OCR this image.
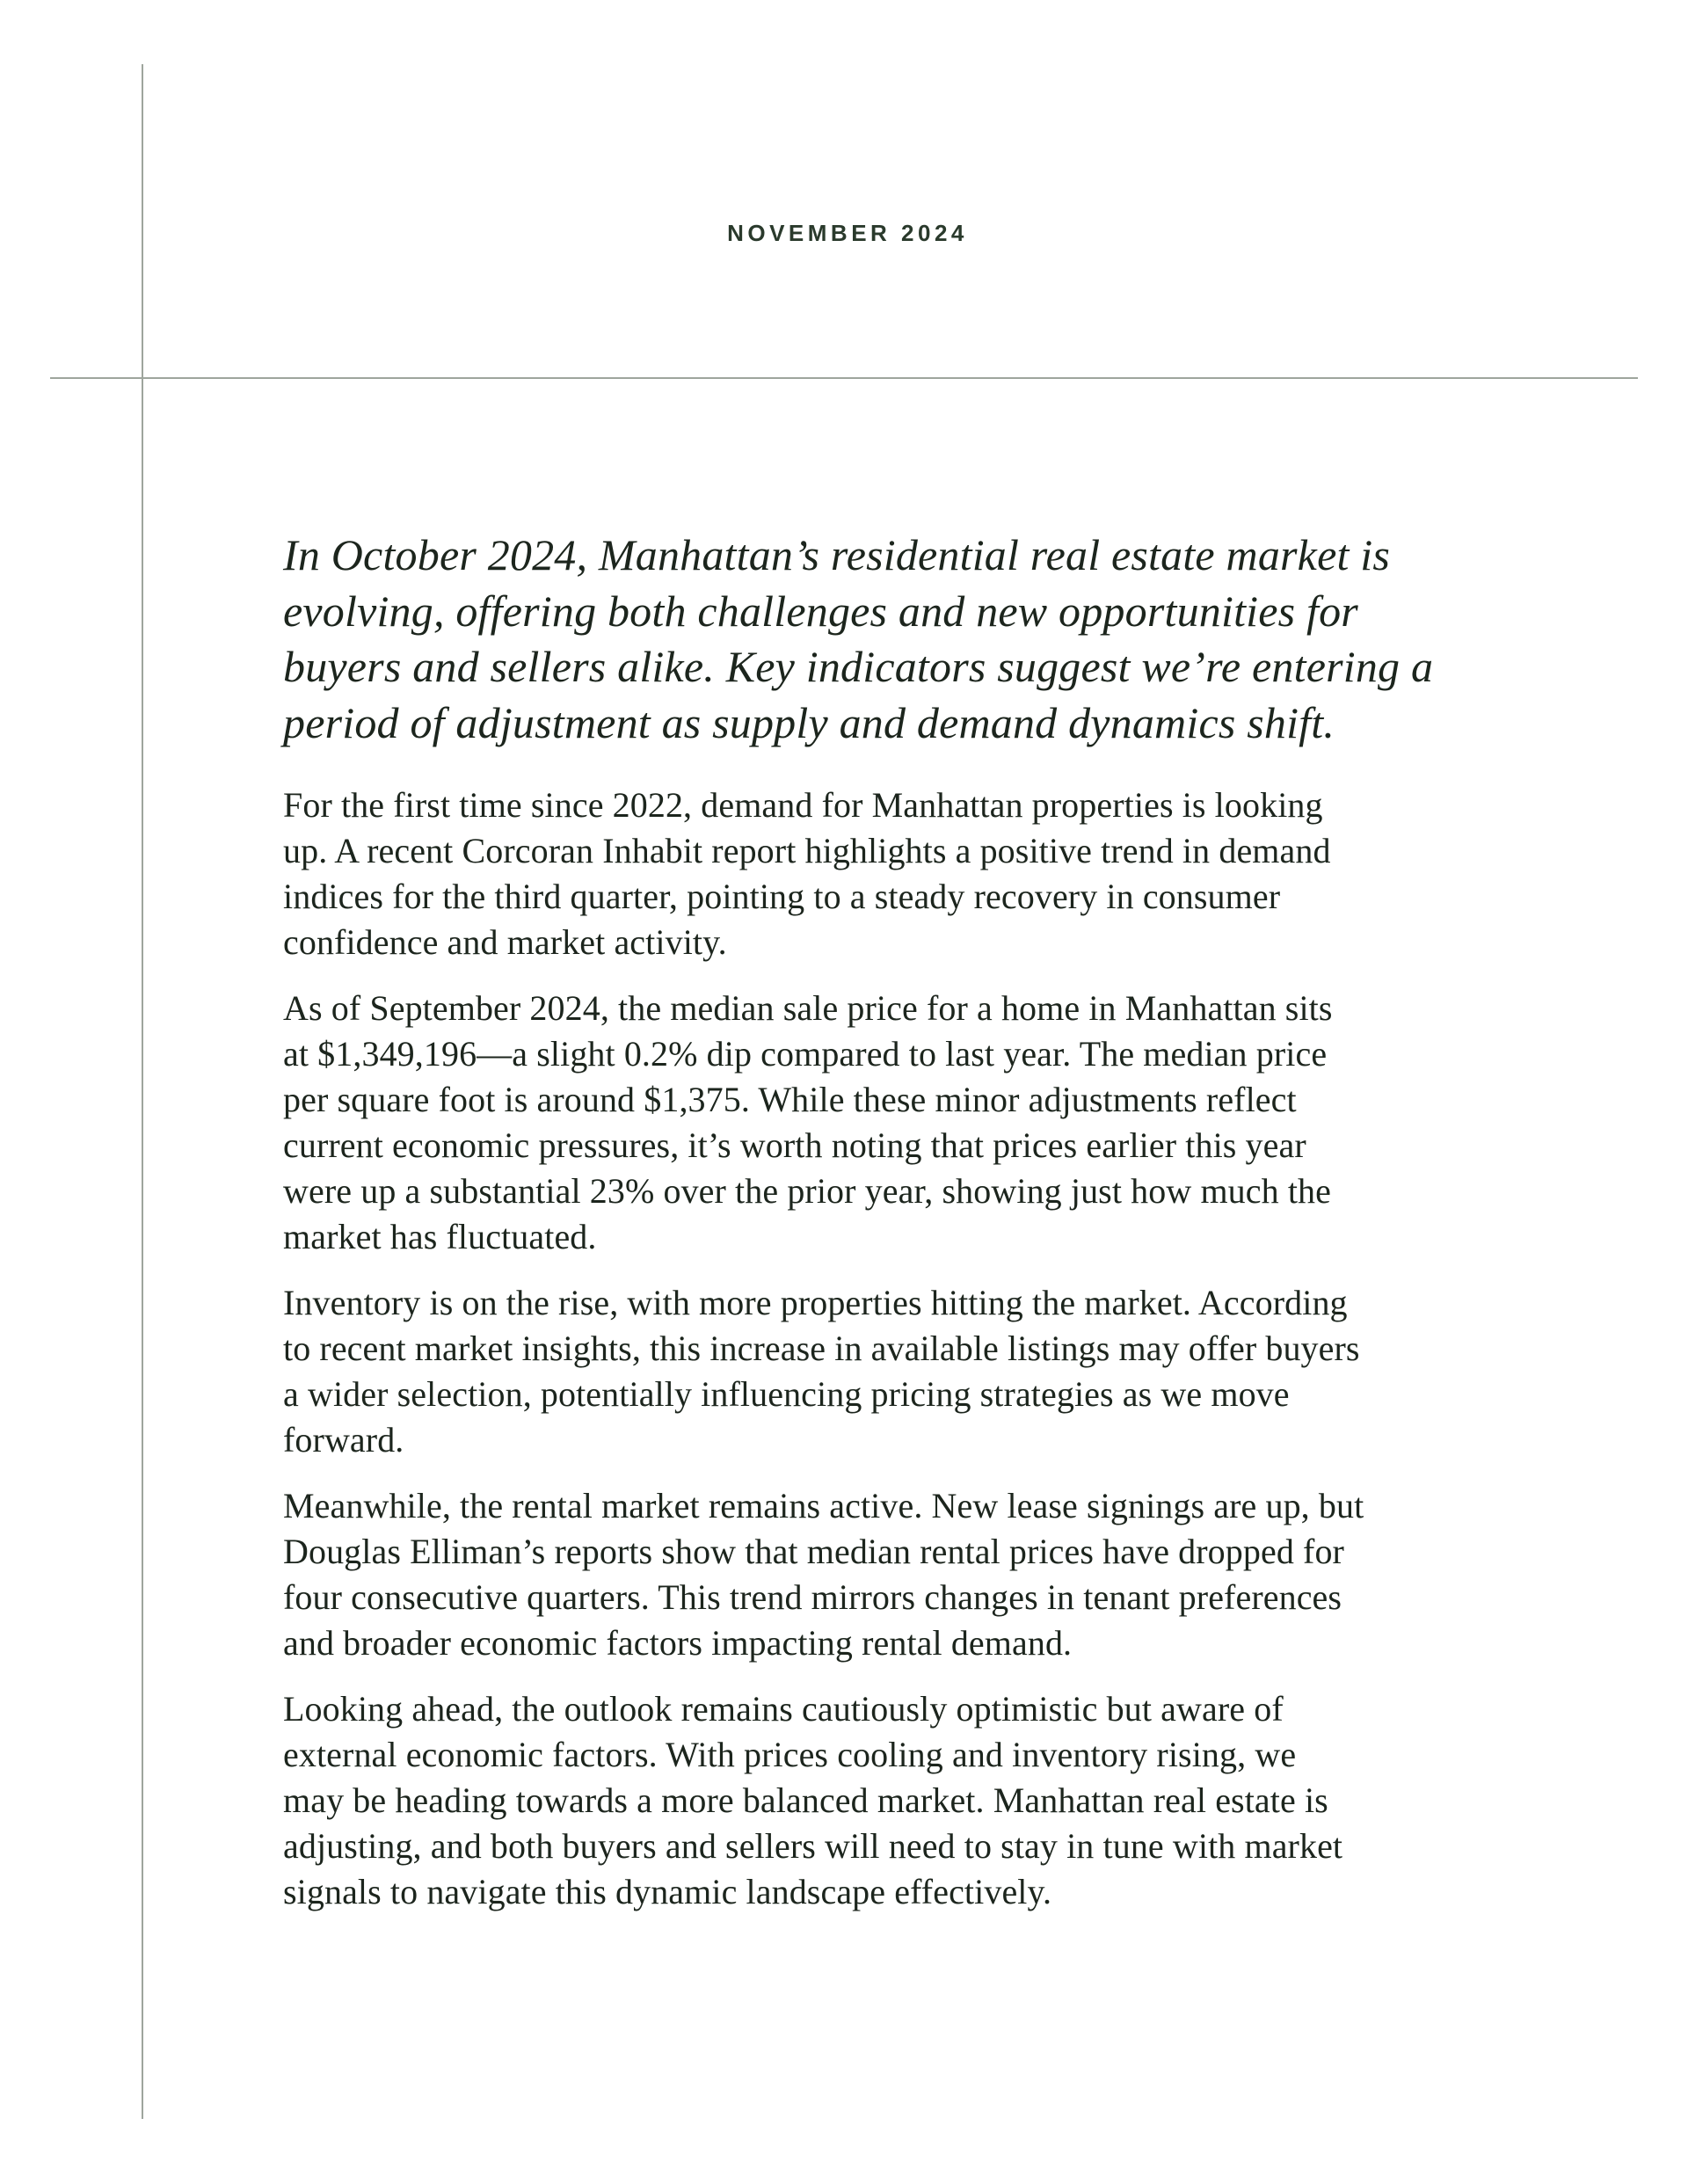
NOVEMBER 2024

In October 2024, Manhattan’s residential real estate market is
evolving, offering both challenges and new opportunities for
buyers and sellers alike. Key indicators suggest we’re entering a
period of adjustment as supply and demand dynamics shift.

For the first time since 2022, demand for Manhattan properties is looking
up. A recent Corcoran Inhabit report highlights a positive trend in demand
indices for the third quarter, pointing to a steady recovery in consumer
confidence and market activity.

As of September 2024, the median sale price for a home in Manhattan sits
at $1,349,196—a slight 0.2% dip compared to last year. The median price
per square foot is around $1,375. While these minor adjustments reflect
current economic pressures, it’s worth noting that prices earlier this year
were up a substantial 23% over the prior year, showing just how much the
market has fluctuated.

Inventory is on the rise, with more properties hitting the market. According
to recent market insights, this increase in available listings may offer buyers
a wider selection, potentially influencing pricing strategies as we move
forward.

Meanwhile, the rental market remains active. New lease signings are up, but
Douglas Elliman’s reports show that median rental prices have dropped for
four consecutive quarters. This trend mirrors changes in tenant preferences
and broader economic factors impacting rental demand.

Looking ahead, the outlook remains cautiously optimistic but aware of
external economic factors. With prices cooling and inventory rising, we
may be heading towards a more balanced market. Manhattan real estate is
adjusting, and both buyers and sellers will need to stay in tune with market
signals to navigate this dynamic landscape effectively.
